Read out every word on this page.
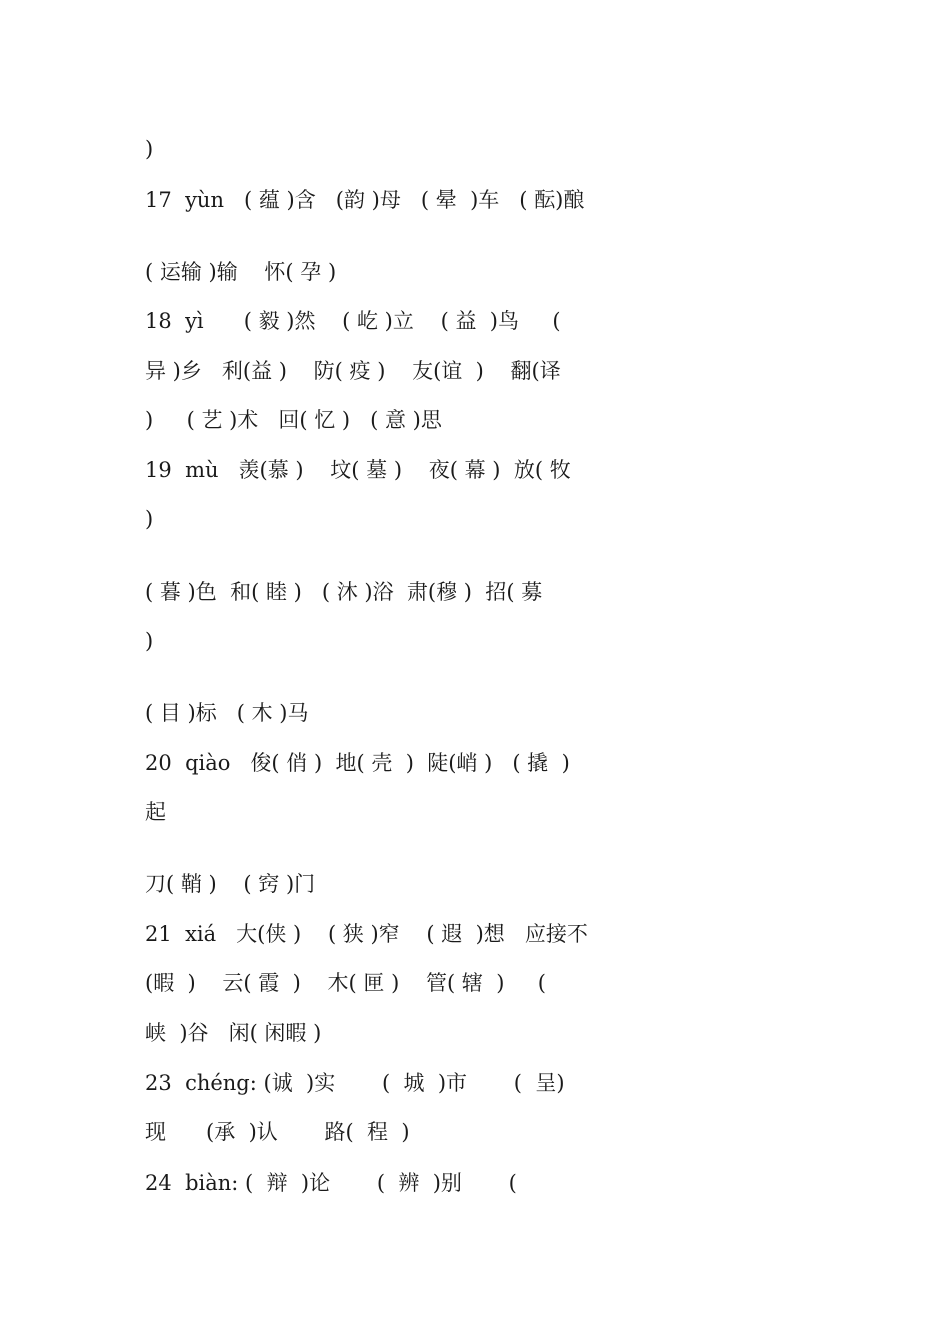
)
17  yùn   ( 蕴 )含   (韵 )母   ( 晕  )车   ( 酝)酿
( 运输 )输    怀( 孕 )
18  yì      ( 毅 )然    ( 屹 )立    ( 益  )鸟     (
异 )乡   利(益 )    防( 疫 )    友(谊  )    翻(译
)     ( 艺 )术   回( 忆 )   ( 意 )思
19  mù   羡(慕 )    坟( 墓 )    夜( 幕 )  放( 牧
)
( 暮 )色  和( 睦 )   ( 沐 )浴  肃(穆 )  招( 募
)
( 目 )标   ( 木 )马
20  qiào   俊( 俏 )  地( 壳  )  陡(峭 )   ( 撬  )
起
刀( 鞘 )    ( 窍 )门
21  xiá   大(侠 )    ( 狭 )窄    ( 遐  )想   应接不
(暇  )    云( 霞  )    木( 匣 )    管( 辖  )     (
峡  )谷   闲( 闲暇 )
23  chéng: (诚  )实       (  城  )市       (  呈)
现      (承  )认       路(  程  )
24  biàn: (  辩  )论       (  辨  )别       (
